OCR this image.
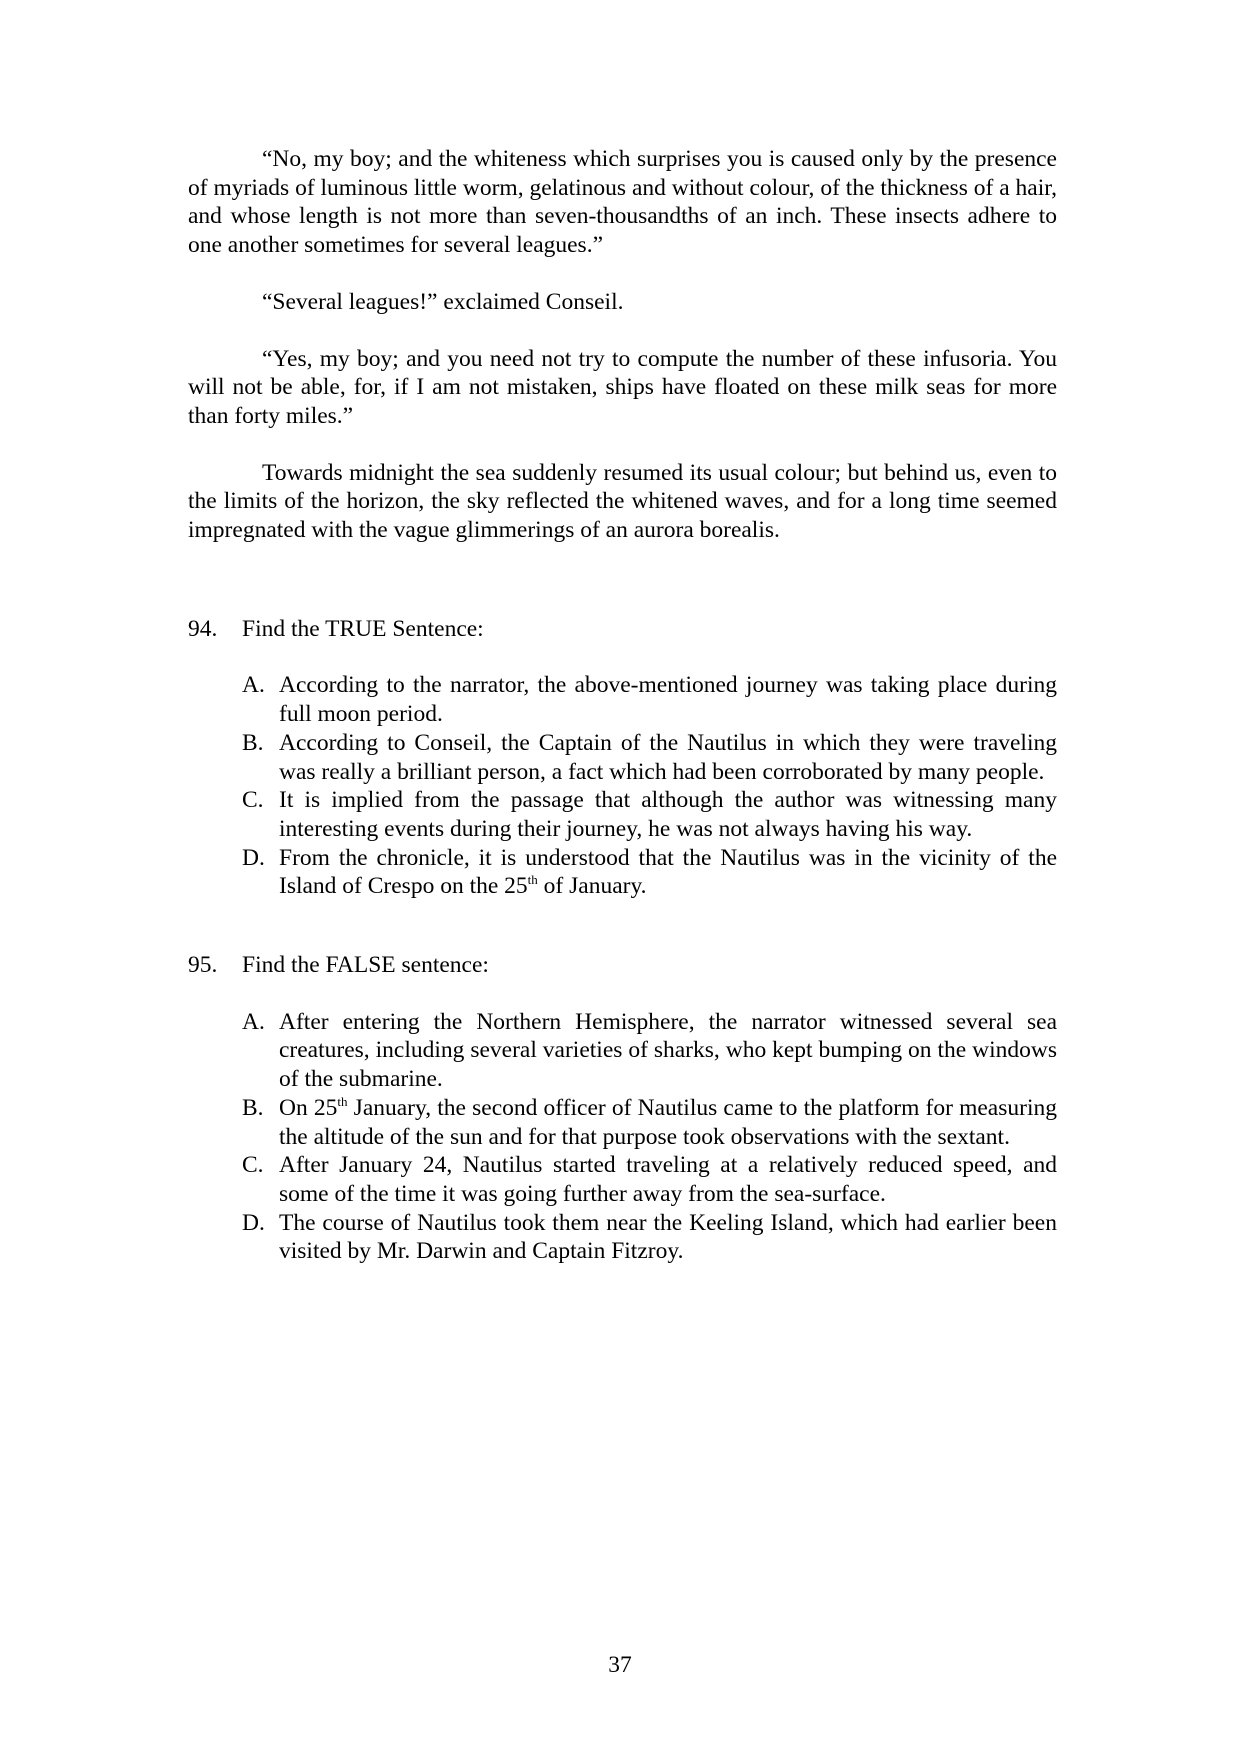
“No, my boy; and the whiteness which surprises you is caused only by the presence of myriads of luminous little worm, gelatinous and without colour, of the thickness of a hair, and whose length is not more than seven-thousandths of an inch. These insects adhere to one another sometimes for several leagues.”

“Several leagues!” exclaimed Conseil.

“Yes, my boy; and you need not try to compute the number of these infusoria. You will not be able, for, if I am not mistaken, ships have floated on these milk seas for more than forty miles.”

Towards midnight the sea suddenly resumed its usual colour; but behind us, even to the limits of the horizon, the sky reflected the whitened waves, and for a long time seemed impregnated with the vague glimmerings of an aurora borealis.

94. Find the TRUE Sentence:

A. According to the narrator, the above-mentioned journey was taking place during full moon period.
B. According to Conseil, the Captain of the Nautilus in which they were traveling was really a brilliant person, a fact which had been corroborated by many people.
C. It is implied from the passage that although the author was witnessing many interesting events during their journey, he was not always having his way.
D. From the chronicle, it is understood that the Nautilus was in the vicinity of the Island of Crespo on the 25th of January.

95. Find the FALSE sentence:

A. After entering the Northern Hemisphere, the narrator witnessed several sea creatures, including several varieties of sharks, who kept bumping on the windows of the submarine.
B. On 25th January, the second officer of Nautilus came to the platform for measuring the altitude of the sun and for that purpose took observations with the sextant.
C. After January 24, Nautilus started traveling at a relatively reduced speed, and some of the time it was going further away from the sea-surface.
D. The course of Nautilus took them near the Keeling Island, which had earlier been visited by Mr. Darwin and Captain Fitzroy.
37
